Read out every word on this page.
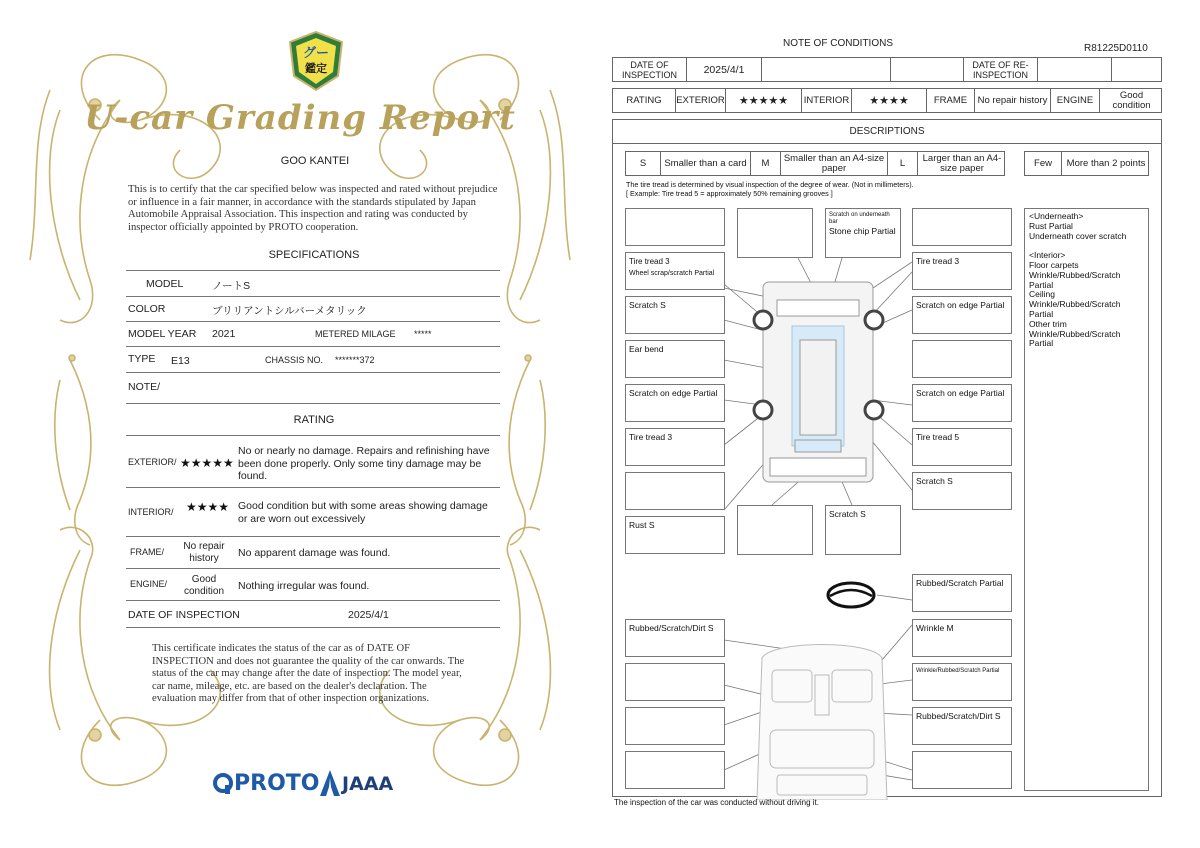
グー
鑑定
U-car Grading Report
GOO KANTEI
This is to certify that the car specified below was inspected and rated without prejudice or influence in a fair manner, in accordance with the standards stipulated by Japan Automobile Appraisal Association. This inspection and rating was conducted by inspector officially appointed by PROTO cooperation.
SPECIFICATIONS
MODEL	ノートS
COLOR	ブリリアントシルバーメタリック
MODEL YEAR 2021	METERED MILAGE *****
TYPE E13	CHASSIS NO. *******372
NOTE/
RATING
EXTERIOR/ ★★★★★
No or nearly no damage. Repairs and refinishing have been done properly. Only some tiny damage may be found.
INTERIOR/ ★★★★ Good condition but with some areas showing damage or are worn out excessively
FRAME/	No repair history	No apparent damage was found.
ENGINE/	Good condition	Nothing irregular was found.
DATE OF INSPECTION	2025/4/1
This certificate indicates the status of the car as of DATE OF INSPECTION and does not guarantee the quality of the car onwards. The status of the car may change after the date of inspection. The model year, car name, mileage, etc. are based on the dealer's declaration. The evaluation may differ from that of other inspection organizations.
PROTO JAAA
NOTE OF CONDITIONS	R81225D0110
DATE OF INSPECTION	2025/4/1	DATE OF RE-INSPECTION
RATING	EXTERIOR	★★★★★	INTERIOR	★★★★	FRAME	No repair history ENGINE	Good condition
DESCRIPTIONS
S	Smaller than a card	M	Smaller than an A4-size paper	L	Larger than an A4-size paper	Few	More than 2 points
The tire tread is determined by visual inspection of the degree of wear. (Not in millimeters).
[ Example: Tire tread 5 = approximately 50% remaining grooves ]
Scratch on underneath bar
Stone chip Partial
Tire tread 3
Wheel scrap/scratch Partial
Scratch S
Ear bend
Scratch on edge Partial
Tire tread 3
Rust S
Scratch S
Tire tread 3
Scratch on edge Partial
Scratch on edge Partial
Tire tread 5
Scratch S
Rubbed/Scratch Partial
Rubbed/Scratch/Dirt S	Wrinkle M
Wrinkle/Rubbed/Scratch Partial
Rubbed/Scratch/Dirt S
<Underneath>
Rust Partial
Underneath cover scratch
<Interior>
Floor carpets
Wrinkle/Rubbed/Scratch
Partial
Ceiling
Wrinkle/Rubbed/Scratch
Partial
Other trim
Wrinkle/Rubbed/Scratch
Partial
The inspection of the car was conducted without driving it.
